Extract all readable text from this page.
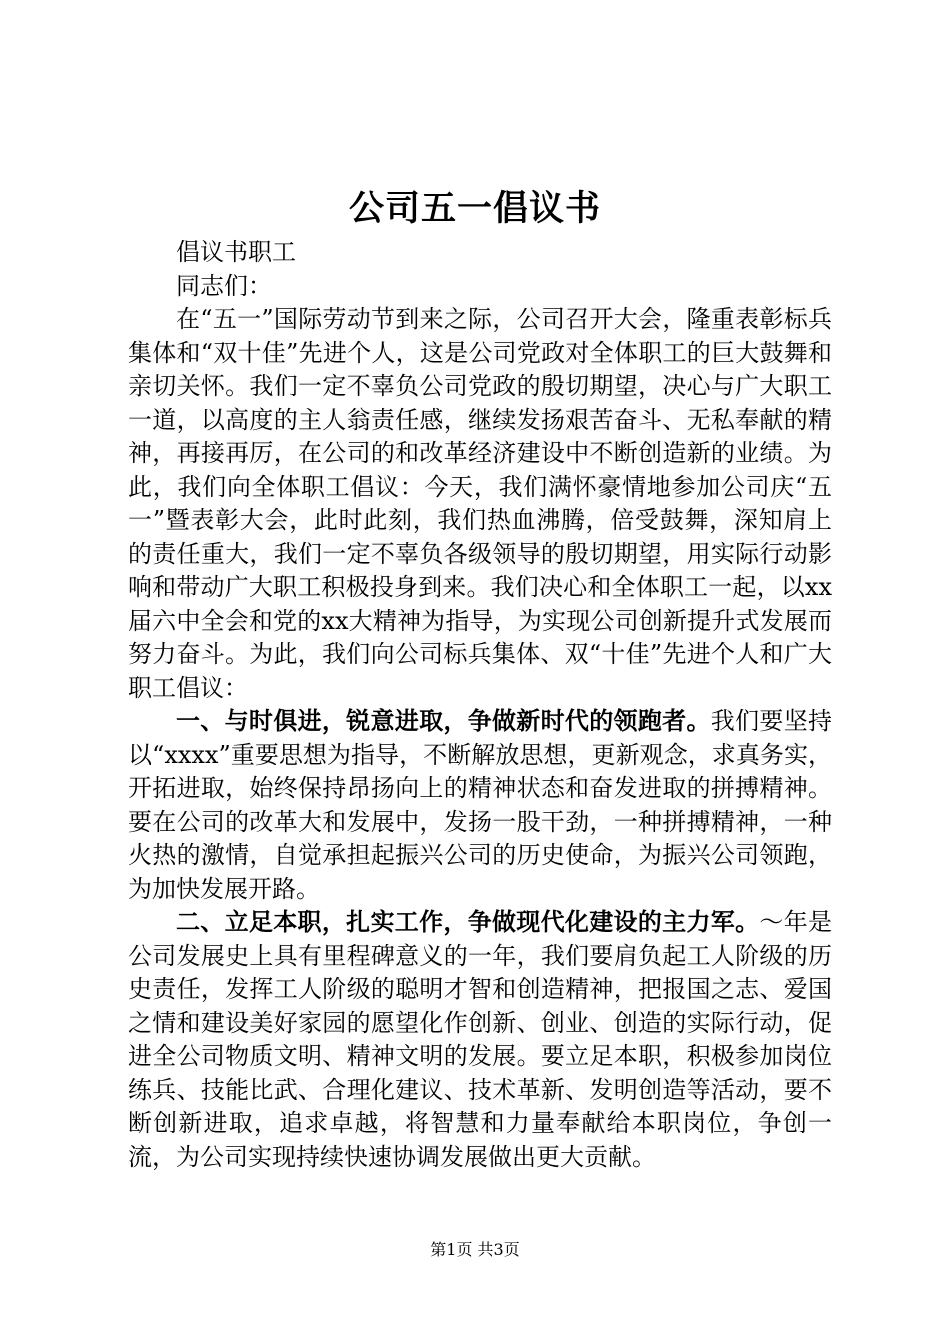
公司五一倡议书

倡议书职工

同志们：

在“五一”国际劳动节到来之际，公司召开大会，隆重表彰标兵集体和“双十佳”先进个人，这是公司党政对全体职工的巨大鼓舞和亲切关怀。我们一定不辜负公司党政的殷切期望，决心与广大职工一道，以高度的主人翁责任感，继续发扬艰苦奋斗、无私奉献的精神，再接再厉，在公司的和改革经济建设中不断创造新的业绩。为此，我们向全体职工倡议：今天，我们满怀豪情地参加公司庆“五一”暨表彰大会，此时此刻，我们热血沸腾，倍受鼓舞，深知肩上的责任重大，我们一定不辜负各级领导的殷切期望，用实际行动影响和带动广大职工积极投身到来。我们决心和全体职工一起，以xx届六中全会和党的xx大精神为指导，为实现公司创新提升式发展而努力奋斗。为此，我们向公司标兵集体、双“十佳”先进个人和广大职工倡议：

一、与时俱进，锐意进取，争做新时代的领跑者。我们要坚持以“xxxx”重要思想为指导，不断解放思想，更新观念，求真务实，开拓进取，始终保持昂扬向上的精神状态和奋发进取的拼搏精神。要在公司的改革大和发展中，发扬一股干劲，一种拼搏精神，一种火热的激情，自觉承担起振兴公司的历史使命，为振兴公司领跑，为加快发展开路。

二、立足本职，扎实工作，争做现代化建设的主力军。～年是公司发展史上具有里程碑意义的一年，我们要肩负起工人阶级的历史责任，发挥工人阶级的聪明才智和创造精神，把报国之志、爱国之情和建设美好家园的愿望化作创新、创业、创造的实际行动，促进全公司物质文明、精神文明的发展。要立足本职，积极参加岗位练兵、技能比武、合理化建议、技术革新、发明创造等活动，要不断创新进取，追求卓越，将智慧和力量奉献给本职岗位，争创一流，为公司实现持续快速协调发展做出更大贡献。

第1页 共3页
